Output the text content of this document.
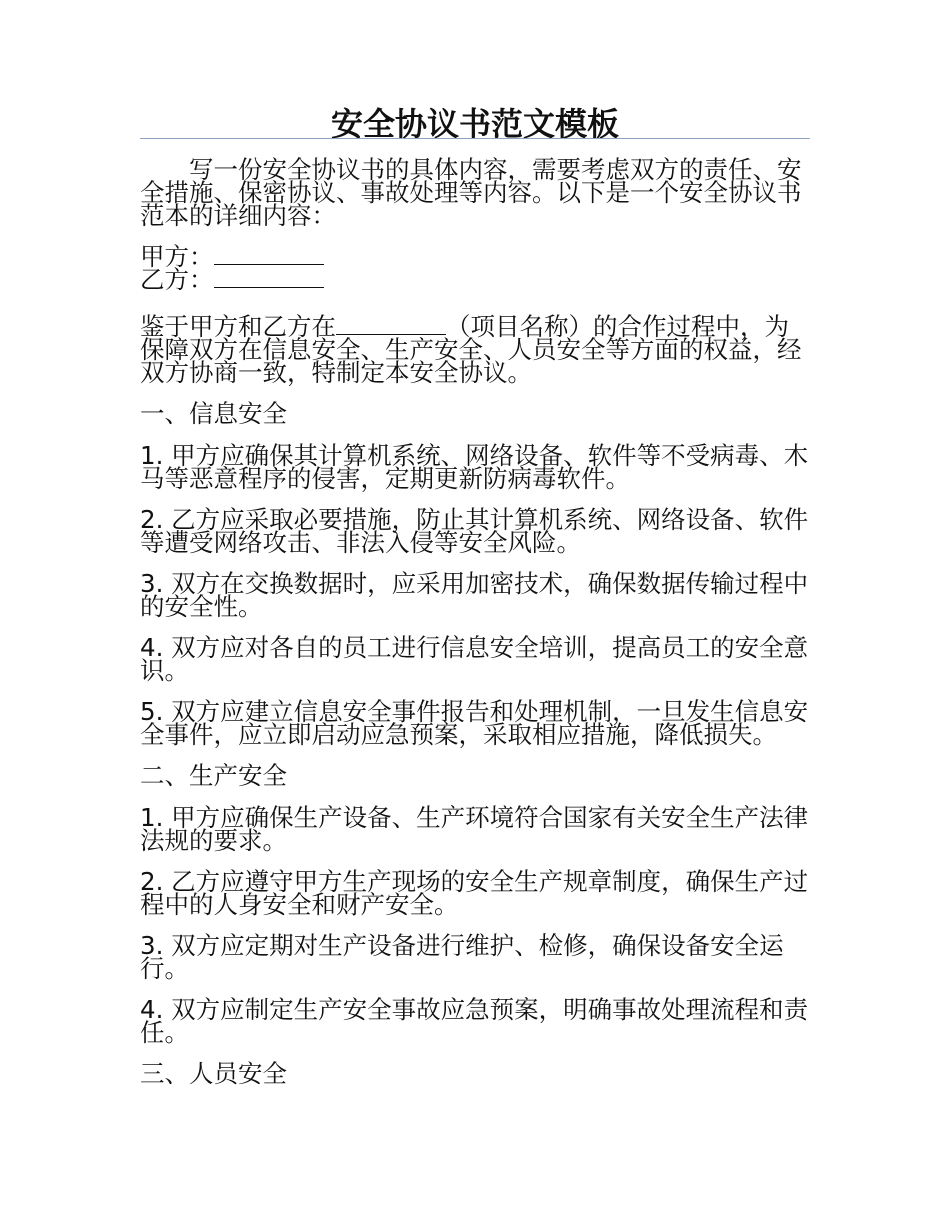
安全协议书范文模板

写一份安全协议书的具体内容，需要考虑双方的责任、安全措施、保密协议、事故处理等内容。以下是一个安全协议书范本的详细内容：

甲方：

乙方：

鉴于甲方和乙方在	（项目名称）的合作过程中，为保障双方在信息安全、生产安全、人员安全等方面的权益，经双方协商一致，特制定本安全协议。

一、信息安全

1. 甲方应确保其计算机系统、网络设备、软件等不受病毒、木马等恶意程序的侵害，定期更新防病毒软件。

2. 乙方应采取必要措施，防止其计算机系统、网络设备、软件等遭受网络攻击、非法入侵等安全风险。

3. 双方在交换数据时，应采用加密技术，确保数据传输过程中的安全性。

4. 双方应对各自的员工进行信息安全培训，提高员工的安全意识。

5. 双方应建立信息安全事件报告和处理机制，一旦发生信息安全事件，应立即启动应急预案，采取相应措施，降低损失。

二、生产安全

1. 甲方应确保生产设备、生产环境符合国家有关安全生产法律法规的要求。

2. 乙方应遵守甲方生产现场的安全生产规章制度，确保生产过程中的人身安全和财产安全。

3. 双方应定期对生产设备进行维护、检修，确保设备安全运行。

4. 双方应制定生产安全事故应急预案，明确事故处理流程和责任。

三、人员安全
